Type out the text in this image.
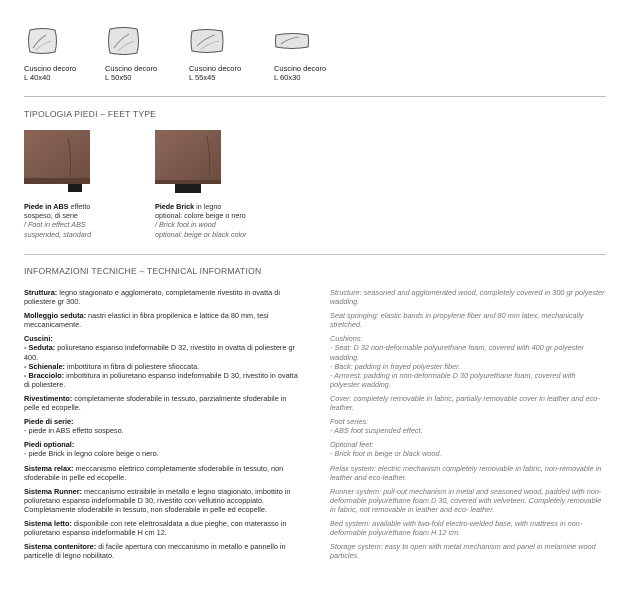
Cuscino decoro
L 40x40
Cuscino decoro
L 50x50
Cuscino decoro
L 55x45
Cuscino decoro
L 60x30
TIPOLOGIA PIEDI – FEET TYPE
Piede in ABS effetto
sospeso, di serie
/ Foot in effect ABS
suspended, standard
Piede Brick in legno
optional: colore beige o nero
/ Brick foot in wood
optional: beige or black color
INFORMAZIONI TECNICHE – TECHNICAL INFORMATION
Struttura: legno stagionato e agglomerato, completamente rivestito in ovatta di poliestere gr 300.
Molleggio seduta: nastri elastici in fibra propilenica e lattice da 80 mm, tesi meccanicamente.
Cuscini:
- Seduta: poliuretano espanso indeformabile D 32, rivestito in ovatta di poliestere gr 400.
- Schienale: imbottitura in fibra di poliestere sfioccata.
- Bracciolo: imbottitura in poliuretano espanso indeformabile D 30, rivestito in ovatta di poliestere.
Rivestimento: completamente sfoderabile in tessuto, parzialmente sfoderabile in pelle ed ecopelle.
Piede di serie:
- piede in ABS effetto sospeso.
Piedi optional:
- piede Brick in legno colore beige o nero.
Sistema relax: meccanismo elettrico completamente sfoderabile in tessuto, non sfoderabile in pelle ed ecopelle.
Sistema Runner: meccanismo estraibile in metallo e legno stagionato, imbottito in poliuretano espanso indeformabile D 30, rivestito con vellutino accoppiato. Completamente sfoderabile in tessuto, non sfoderabile in pelle ed ecopelle.
Sistema letto: disponibile con rete elettrosaldata a due pieghe, con materasso in poliuretano espanso indeformabile H cm 12.
Sistema contenitore: di facile apertura con meccanismo in metallo e pannello in particelle di legno nobilitato.
Structure: seasoned and agglomerated wood, completely covered in 300 gr polyester wadding.
Seat springing: elastic bands in propylene fiber and 80 mm latex, mechanically stretched.
Cushions:
- Seat: D 32 non-deformable polyurethane foam, covered with 400 gr polyester wadding.
- Back: padding in frayed polyester fiber.
- Armrest: padding in non-deformable D 30 polyurethane foam, covered with polyester wadding.
Cover: completely removable in fabric, partially removable cover in leather and eco-leather.
Foot series:
- ABS foot suspended effect.
Optional feet:
- Brick foot in beige or black wood.
Relax system: electric mechanism completely removable in fabric, non-removable in leather and eco-leather.
Runner system: pull-out mechanism in metal and seasoned wood, padded with non-deformable polyurethane foam D 30, covered with velveteen. Completely removable in fabric, not removable in leather and eco- leather.
Bed system: available with two-fold electro-welded base, with mattress in non-deformable polyurethane foam H 12 cm.
Storage system: easy to open with metal mechanism and panel in melamine wood particles.
